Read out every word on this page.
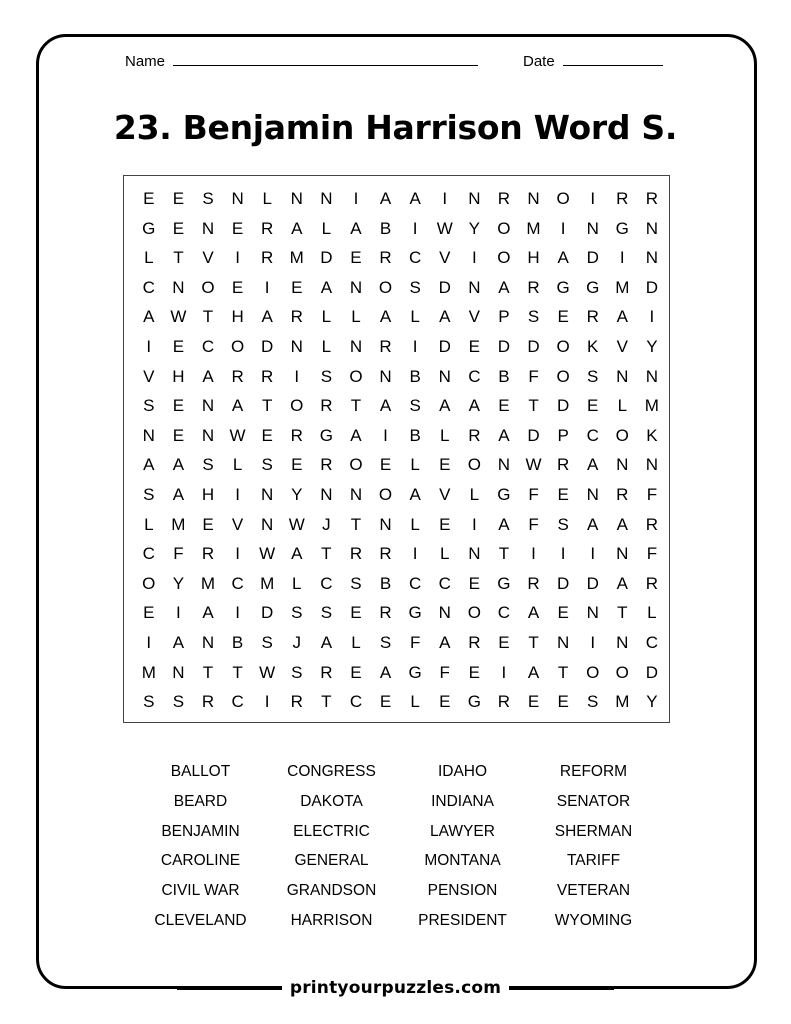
Name	Date
23. Benjamin Harrison Word S.
E	E	S	N	L	N	N	I	A	A	I	N	R	N O	I	R	R
G	E	N	E	R	A	L	A	B	I	W Y	O M	I	N G N
L	T	V	I	R M D	E	R	C	V	I	O H	A	D	I	N
C	N O	E	I	E	A	N O	S	D	N	A	R G G M D
A W T	H	A	R	L	L	A	L	A	V	P	S	E	R	A	I
I	E	C O D	N	L	N	R	I	D	E	D	D O	K	V	Y
V	H	A	R	R	I	S	O N	B	N	C	B	F	O	S	N	N
S	E	N	A	T	O R	T	A	S	A	A	E	T	D	E	L	M
N	E	N W E	R G	A	I	B	L	R	A	D	P	C O	K
A	A	S	L	S	E	R O	E	L	E	O N W R	A	N	N
S	A	H	I	N	Y	N	N O	A	V	L	G	F	E	N	R	F
L	M E	V	N W	J	T	N	L	E	I	A	F	S	A	A	R
C	F	R	I	W A	T	R	R	I	L	N	T	I	I	I	N	F
O	Y M C M	L	C	S	B	C	C	E	G R	D	D	A	R
E	I	A	I	D	S	S	E	R G N O C	A	E	N	T	L
I	A	N	B	S	J	A	L	S	F	A	R	E	T	N	I	N	C
M N	T	T W S	R	E	A	G	F	E	I	A	T	O O D
S	S	R	C	I	R	T	C	E	L	E	G R	E	E	S M Y
BALLOT	CONGRESS	IDAHO	REFORM
BEARD	DAKOTA	INDIANA	SENATOR
BENJAMIN	ELECTRIC	LAWYER	SHERMAN
CAROLINE	GENERAL	MONTANA	TARIFF
CIVIL WAR	GRANDSON	PENSION	VETERAN
CLEVELAND	HARRISON	PRESIDENT	WYOMING
printyourpuzzles.com
